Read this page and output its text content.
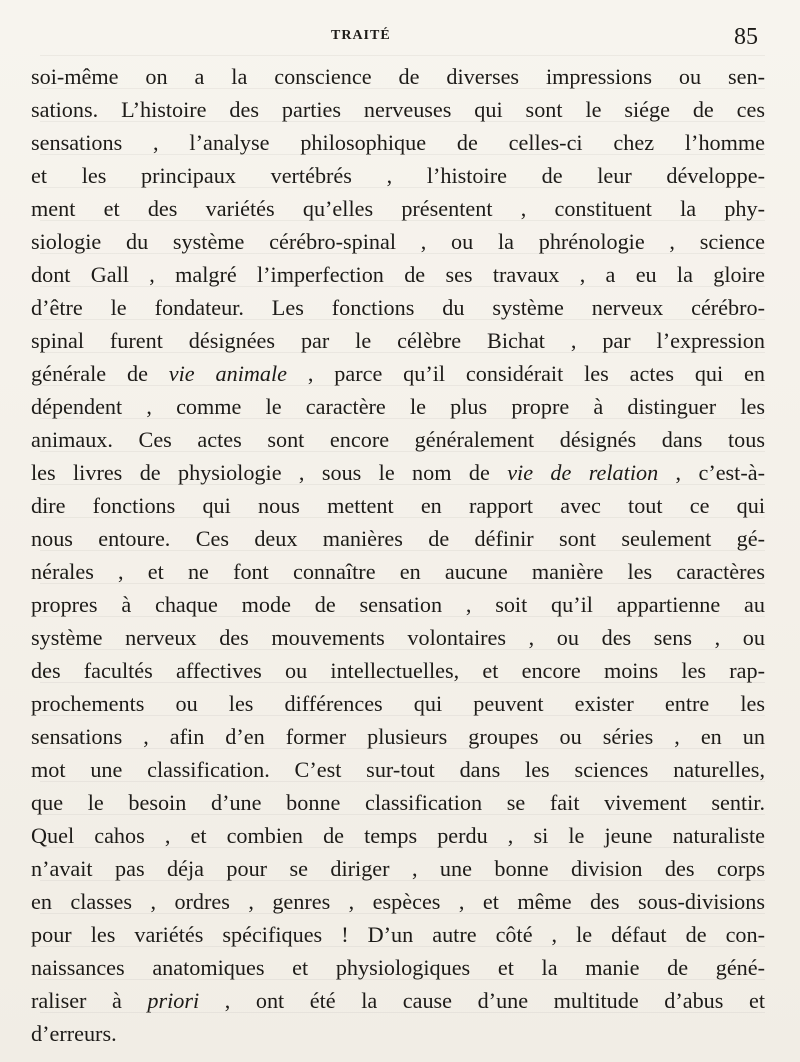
TRAITÉ	85
soi-même on a la conscience de diverses impressions ou sen-
sations. L’histoire des parties nerveuses qui sont le siége de ces
sensations , l’analyse philosophique de celles-ci chez l’homme
et les principaux vertébrés , l’histoire de leur développe-
ment et des variétés qu’elles présentent , constituent la phy-
siologie du système cérébro-spinal , ou la phrénologie , science
dont Gall , malgré l’imperfection de ses travaux , a eu la gloire
d’être le fondateur. Les fonctions du système nerveux cérébro-
spinal furent désignées par le célèbre Bichat , par l’expression
générale de vie animale , parce qu’il considérait les actes qui en
dépendent , comme le caractère le plus propre à distinguer les
animaux. Ces actes sont encore généralement désignés dans tous
les livres de physiologie , sous le nom de vie de relation , c’est-à-
dire fonctions qui nous mettent en rapport avec tout ce qui
nous entoure. Ces deux manières de définir sont seulement gé-
nérales , et ne font connaître en aucune manière les caractères
propres à chaque mode de sensation , soit qu’il appartienne au
système nerveux des mouvements volontaires , ou des sens , ou
des facultés affectives ou intellectuelles, et encore moins les rap-
prochements ou les différences qui peuvent exister entre les
sensations , afin d’en former plusieurs groupes ou séries , en un
mot une classification. C’est sur-tout dans les sciences naturelles,
que le besoin d’une bonne classification se fait vivement sentir.
Quel cahos , et combien de temps perdu , si le jeune naturaliste
n’avait pas déja pour se diriger , une bonne division des corps
en classes , ordres , genres , espèces , et même des sous-divisions
pour les variétés spécifiques ! D’un autre côté , le défaut de con-
naissances anatomiques et physiologiques et la manie de géné-
raliser à priori , ont été la cause d’une multitude d’abus et
d’erreurs.
